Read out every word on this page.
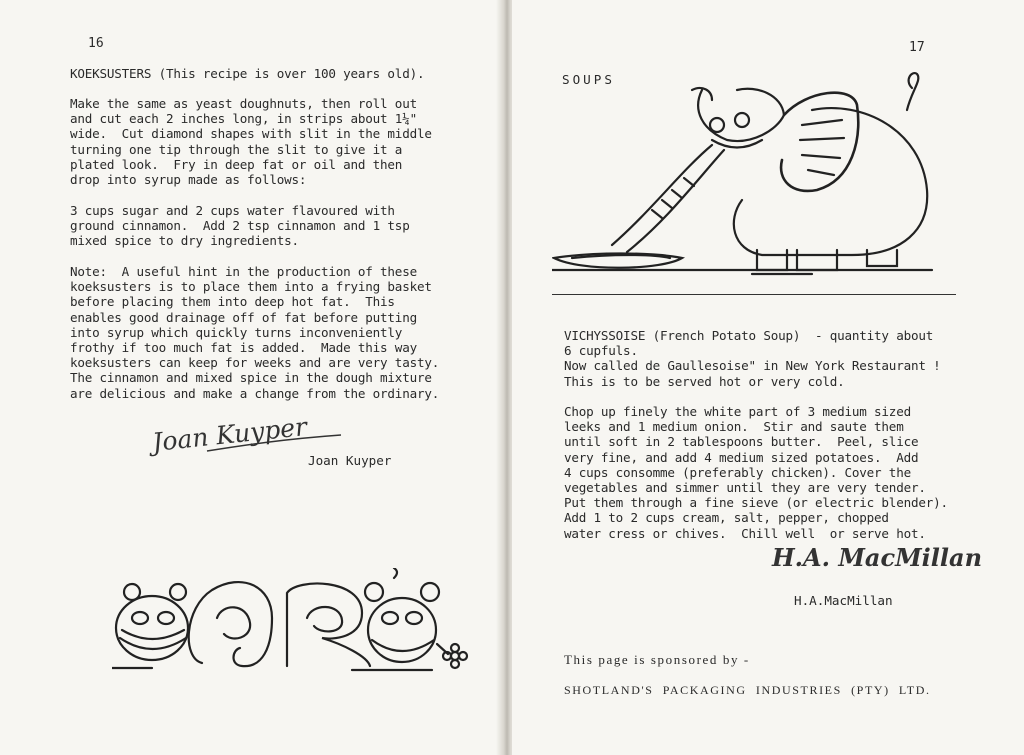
16
KOEKSUSTERS (This recipe is over 100 years old).
Make the same as yeast doughnuts, then roll out
and cut each 2 inches long, in strips about 1¼"
wide.  Cut diamond shapes with slit in the middle
turning one tip through the slit to give it a
plated look.  Fry in deep fat or oil and then
drop into syrup made as follows:
3 cups sugar and 2 cups water flavoured with
ground cinnamon.  Add 2 tsp cinnamon and 1 tsp
mixed spice to dry ingredients.
Note:  A useful hint in the production of these
koeksusters is to place them into a frying basket
before placing them into deep hot fat.  This
enables good drainage off of fat before putting
into syrup which quickly turns inconveniently
frothy if too much fat is added.  Made this way
koeksusters can keep for weeks and are very tasty.
The cinnamon and mixed spice in the dough mixture
are delicious and make a change from the ordinary.
Joan Kuyper
Joan Kuyper
17
SOUPS
VICHYSSOISE (French Potato Soup)  - quantity about
6 cupfuls.
Now called de Gaullesoise" in New York Restaurant !
This is to be served hot or very cold.
Chop up finely the white part of 3 medium sized
leeks and 1 medium onion.  Stir and saute them
until soft in 2 tablespoons butter.  Peel, slice
very fine, and add 4 medium sized potatoes.  Add
4 cups consomme (preferably chicken). Cover the
vegetables and simmer until they are very tender.
Put them through a fine sieve (or electric blender).
Add 1 to 2 cups cream, salt, pepper, chopped
water cress or chives.  Chill well  or serve hot.
H.A. MacMillan
H.A.MacMillan
This page is sponsored by -
SHOTLAND'S  PACKAGING  INDUSTRIES  (PTY)  LTD.
